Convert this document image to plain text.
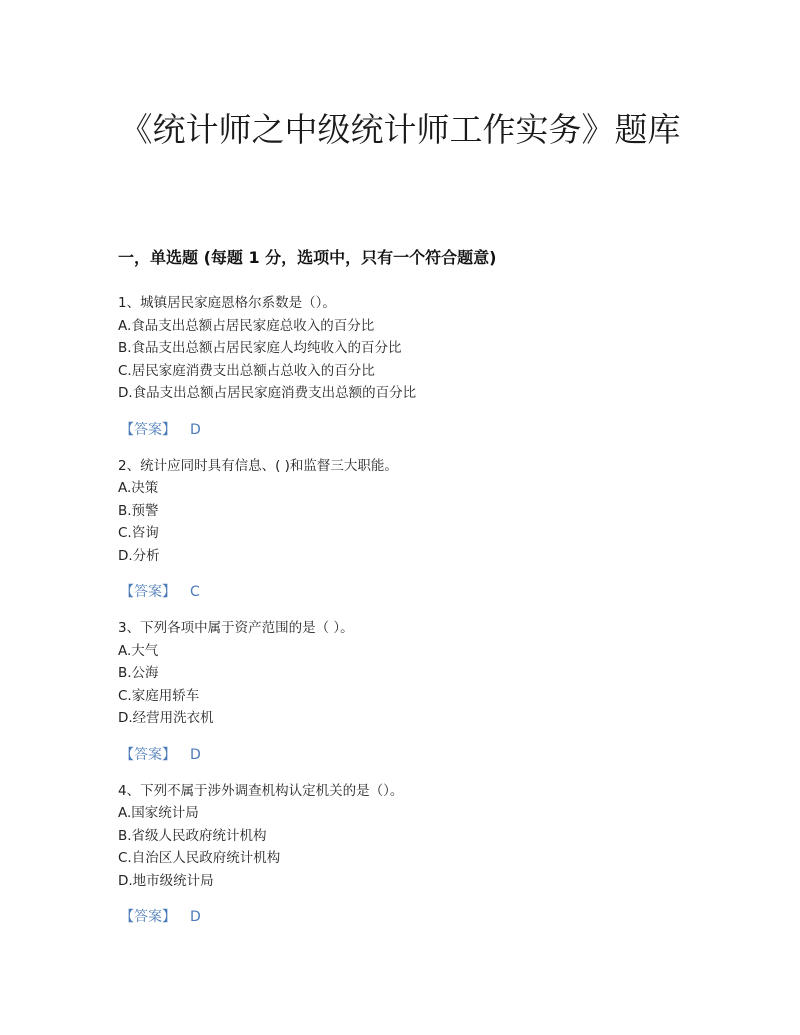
《统计师之中级统计师工作实务》题库
一，单选题 (每题 1 分，选项中，只有一个符合题意)

1、城镇居民家庭恩格尔系数是（）。

A.食品支出总额占居民家庭总收入的百分比

B.食品支出总额占居民家庭人均纯收入的百分比

C.居民家庭消费支出总额占总收入的百分比

D.食品支出总额占居民家庭消费支出总额的百分比

【答案】 D

2、统计应同时具有信息、( )和监督三大职能。

A.决策

B.预警

C.咨询

D.分析

【答案】 C

3、下列各项中属于资产范围的是（ ）。

A.大气

B.公海

C.家庭用轿车

D.经营用洗衣机

【答案】 D

4、下列不属于涉外调查机构认定机关的是（）。

A.国家统计局

B.省级人民政府统计机构

C.自治区人民政府统计机构

D.地市级统计局

【答案】 D
